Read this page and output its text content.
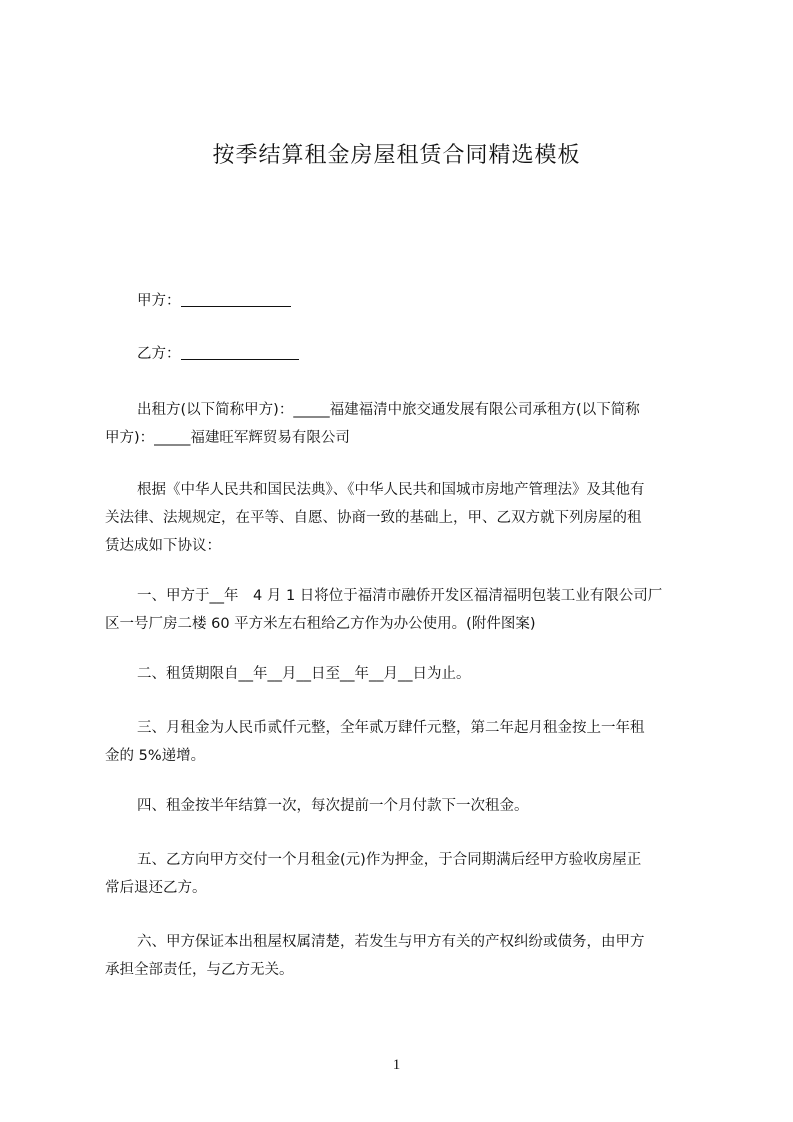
按季结算租金房屋租赁合同精选模板

甲方：

乙方：

出租方(以下简称甲方)：_____福建福清中旅交通发展有限公司承租方(以下简称
甲方)：_____福建旺军辉贸易有限公司

根据《中华人民共和国民法典》、《中华人民共和国城市房地产管理法》及其他有
关法律、法规规定，在平等、自愿、协商一致的基础上，甲、乙双方就下列房屋的租
赁达成如下协议：

一、甲方于__年　4 月 1 日将位于福清市融侨开发区福清福明包装工业有限公司厂
区一号厂房二楼 60 平方米左右租给乙方作为办公使用。(附件图案)

二、租赁期限自__年__月__日至__年__月__日为止。

三、月租金为人民币贰仟元整，全年贰万肆仟元整，第二年起月租金按上一年租
金的 5%递增。

四、租金按半年结算一次，每次提前一个月付款下一次租金。

五、乙方向甲方交付一个月租金(元)作为押金，于合同期满后经甲方验收房屋正
常后退还乙方。

六、甲方保证本出租屋权属清楚，若发生与甲方有关的产权纠纷或债务，由甲方
承担全部责任，与乙方无关。

1
